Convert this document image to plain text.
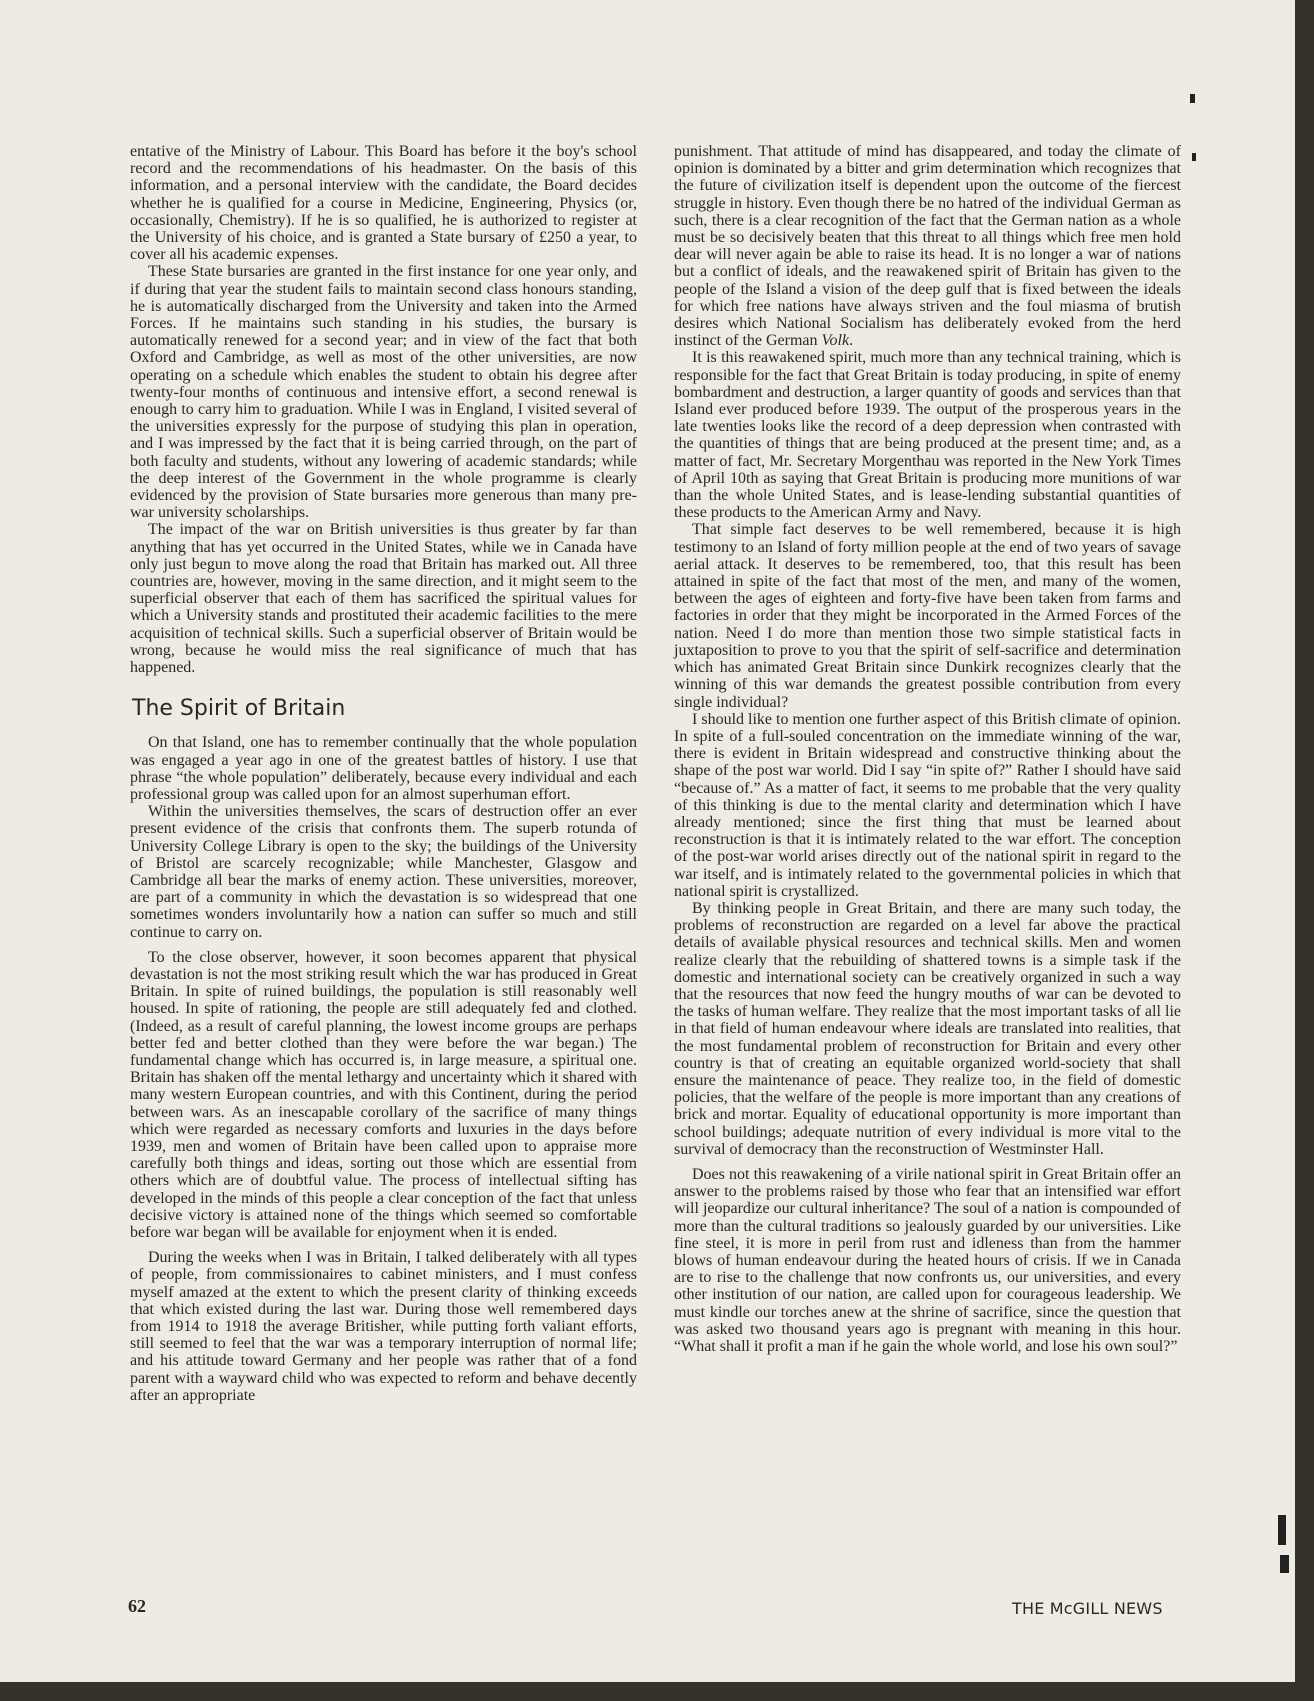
entative of the Ministry of Labour. This Board has before it the boy's school record and the recommendations of his headmaster. On the basis of this information, and a personal interview with the candidate, the Board decides whether he is qualified for a course in Medicine, Engineering, Physics (or, occasionally, Chemistry). If he is so qualified, he is authorized to register at the University of his choice, and is granted a State bursary of £250 a year, to cover all his academic expenses.

These State bursaries are granted in the first instance for one year only, and if during that year the student fails to maintain second class honours standing, he is automatically discharged from the University and taken into the Armed Forces. If he maintains such standing in his studies, the bursary is automatically renewed for a second year; and in view of the fact that both Oxford and Cambridge, as well as most of the other universities, are now operating on a schedule which enables the student to obtain his degree after twenty-four months of continuous and intensive effort, a second renewal is enough to carry him to graduation. While I was in England, I visited several of the universities expressly for the purpose of studying this plan in operation, and I was impressed by the fact that it is being carried through, on the part of both faculty and students, without any lowering of academic standards; while the deep interest of the Government in the whole programme is clearly evidenced by the provision of State bursaries more generous than many pre-war university scholarships.

The impact of the war on British universities is thus greater by far than anything that has yet occurred in the United States, while we in Canada have only just begun to move along the road that Britain has marked out. All three countries are, however, moving in the same direction, and it might seem to the superficial observer that each of them has sacrificed the spiritual values for which a University stands and prostituted their academic facilities to the mere acquisition of technical skills. Such a superficial observer of Britain would be wrong, because he would miss the real significance of much that has happened.

The Spirit of Britain

On that Island, one has to remember continually that the whole population was engaged a year ago in one of the greatest battles of history. I use that phrase “the whole population” deliberately, because every individual and each professional group was called upon for an almost superhuman effort.

Within the universities themselves, the scars of destruction offer an ever present evidence of the crisis that confronts them. The superb rotunda of University College Library is open to the sky; the buildings of the University of Bristol are scarcely recognizable; while Manchester, Glasgow and Cambridge all bear the marks of enemy action. These universities, moreover, are part of a community in which the devastation is so widespread that one sometimes wonders involuntarily how a nation can suffer so much and still continue to carry on.

To the close observer, however, it soon becomes apparent that physical devastation is not the most striking result which the war has produced in Great Britain. In spite of ruined buildings, the population is still reasonably well housed. In spite of rationing, the people are still adequately fed and clothed. (Indeed, as a result of careful planning, the lowest income groups are perhaps better fed and better clothed than they were before the war began.) The fundamental change which has occurred is, in large measure, a spiritual one. Britain has shaken off the mental lethargy and uncertainty which it shared with many western European countries, and with this Continent, during the period between wars. As an inescapable corollary of the sacrifice of many things which were regarded as necessary comforts and luxuries in the days before 1939, men and women of Britain have been called upon to appraise more carefully both things and ideas, sorting out those which are essential from others which are of doubtful value. The process of intellectual sifting has developed in the minds of this people a clear conception of the fact that unless decisive victory is attained none of the things which seemed so comfortable before war began will be available for enjoyment when it is ended.

During the weeks when I was in Britain, I talked deliberately with all types of people, from commissionaires to cabinet ministers, and I must confess myself amazed at the extent to which the present clarity of thinking exceeds that which existed during the last war. During those well remembered days from 1914 to 1918 the average Britisher, while putting forth valiant efforts, still seemed to feel that the war was a temporary interruption of normal life; and his attitude toward Germany and her people was rather that of a fond parent with a wayward child who was expected to reform and behave decently after an appropriate

punishment. That attitude of mind has disappeared, and today the climate of opinion is dominated by a bitter and grim determination which recognizes that the future of civilization itself is dependent upon the outcome of the fiercest struggle in history. Even though there be no hatred of the individual German as such, there is a clear recognition of the fact that the German nation as a whole must be so decisively beaten that this threat to all things which free men hold dear will never again be able to raise its head. It is no longer a war of nations but a conflict of ideals, and the reawakened spirit of Britain has given to the people of the Island a vision of the deep gulf that is fixed between the ideals for which free nations have always striven and the foul miasma of brutish desires which National Socialism has deliberately evoked from the herd instinct of the German Volk.

It is this reawakened spirit, much more than any technical training, which is responsible for the fact that Great Britain is today producing, in spite of enemy bombardment and destruction, a larger quantity of goods and services than that Island ever produced before 1939. The output of the prosperous years in the late twenties looks like the record of a deep depression when contrasted with the quantities of things that are being produced at the present time; and, as a matter of fact, Mr. Secretary Morgenthau was reported in the New York Times of April 10th as saying that Great Britain is producing more munitions of war than the whole United States, and is lease-lending substantial quantities of these products to the American Army and Navy.

That simple fact deserves to be well remembered, because it is high testimony to an Island of forty million people at the end of two years of savage aerial attack. It deserves to be remembered, too, that this result has been attained in spite of the fact that most of the men, and many of the women, between the ages of eighteen and forty-five have been taken from farms and factories in order that they might be incorporated in the Armed Forces of the nation. Need I do more than mention those two simple statistical facts in juxtaposition to prove to you that the spirit of self-sacrifice and determination which has animated Great Britain since Dunkirk recognizes clearly that the winning of this war demands the greatest possible contribution from every single individual?

I should like to mention one further aspect of this British climate of opinion. In spite of a full-souled concentration on the immediate winning of the war, there is evident in Britain widespread and constructive thinking about the shape of the post war world. Did I say “in spite of?” Rather I should have said “because of.” As a matter of fact, it seems to me probable that the very quality of this thinking is due to the mental clarity and determination which I have already mentioned; since the first thing that must be learned about reconstruction is that it is intimately related to the war effort. The conception of the post-war world arises directly out of the national spirit in regard to the war itself, and is intimately related to the governmental policies in which that national spirit is crystallized.

By thinking people in Great Britain, and there are many such today, the problems of reconstruction are regarded on a level far above the practical details of available physical resources and technical skills. Men and women realize clearly that the rebuilding of shattered towns is a simple task if the domestic and international society can be creatively organized in such a way that the resources that now feed the hungry mouths of war can be devoted to the tasks of human welfare. They realize that the most important tasks of all lie in that field of human endeavour where ideals are translated into realities, that the most fundamental problem of reconstruction for Britain and every other country is that of creating an equitable organized world-society that shall ensure the maintenance of peace. They realize too, in the field of domestic policies, that the welfare of the people is more important than any creations of brick and mortar. Equality of educational opportunity is more important than school buildings; adequate nutrition of every individual is more vital to the survival of democracy than the reconstruction of Westminster Hall.

Does not this reawakening of a virile national spirit in Great Britain offer an answer to the problems raised by those who fear that an intensified war effort will jeopardize our cultural inheritance? The soul of a nation is compounded of more than the cultural traditions so jealously guarded by our universities. Like fine steel, it is more in peril from rust and idleness than from the hammer blows of human endeavour during the heated hours of crisis. If we in Canada are to rise to the challenge that now confronts us, our universities, and every other institution of our nation, are called upon for courageous leadership. We must kindle our torches anew at the shrine of sacrifice, since the question that was asked two thousand years ago is pregnant with meaning in this hour. “What shall it profit a man if he gain the whole world, and lose his own soul?”

62	THE McGILL NEWS
